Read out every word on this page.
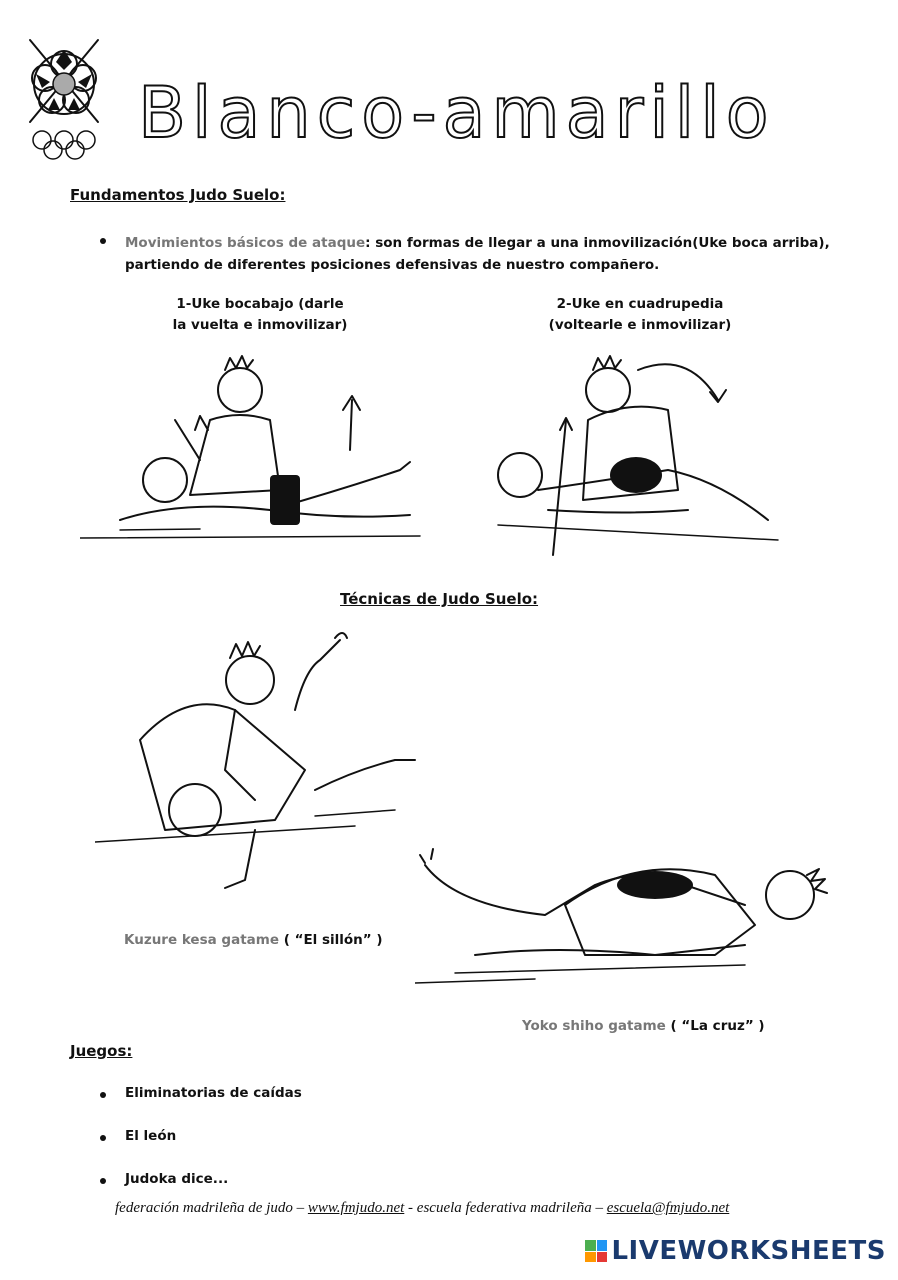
Blanco-amarillo
Fundamentos Judo Suelo:
Movimientos básicos de ataque: son formas de llegar a una inmovilización(Uke boca arriba),
partiendo de diferentes posiciones defensivas de nuestro compañero.
1-Uke bocabajo (darle
la vuelta e inmovilizar)
2-Uke en cuadrupedia
(voltearle e inmovilizar)
Técnicas de Judo Suelo:
Kuzure kesa gatame ( “El sillón” )
Yoko shiho gatame ( “La cruz” )
Juegos:
Eliminatorias de caídas
El león
Judoka dice...
federación madrileña de judo – www.fmjudo.net - escuela federativa madrileña – escuela@fmjudo.net
LIVEWORKSHEETS
